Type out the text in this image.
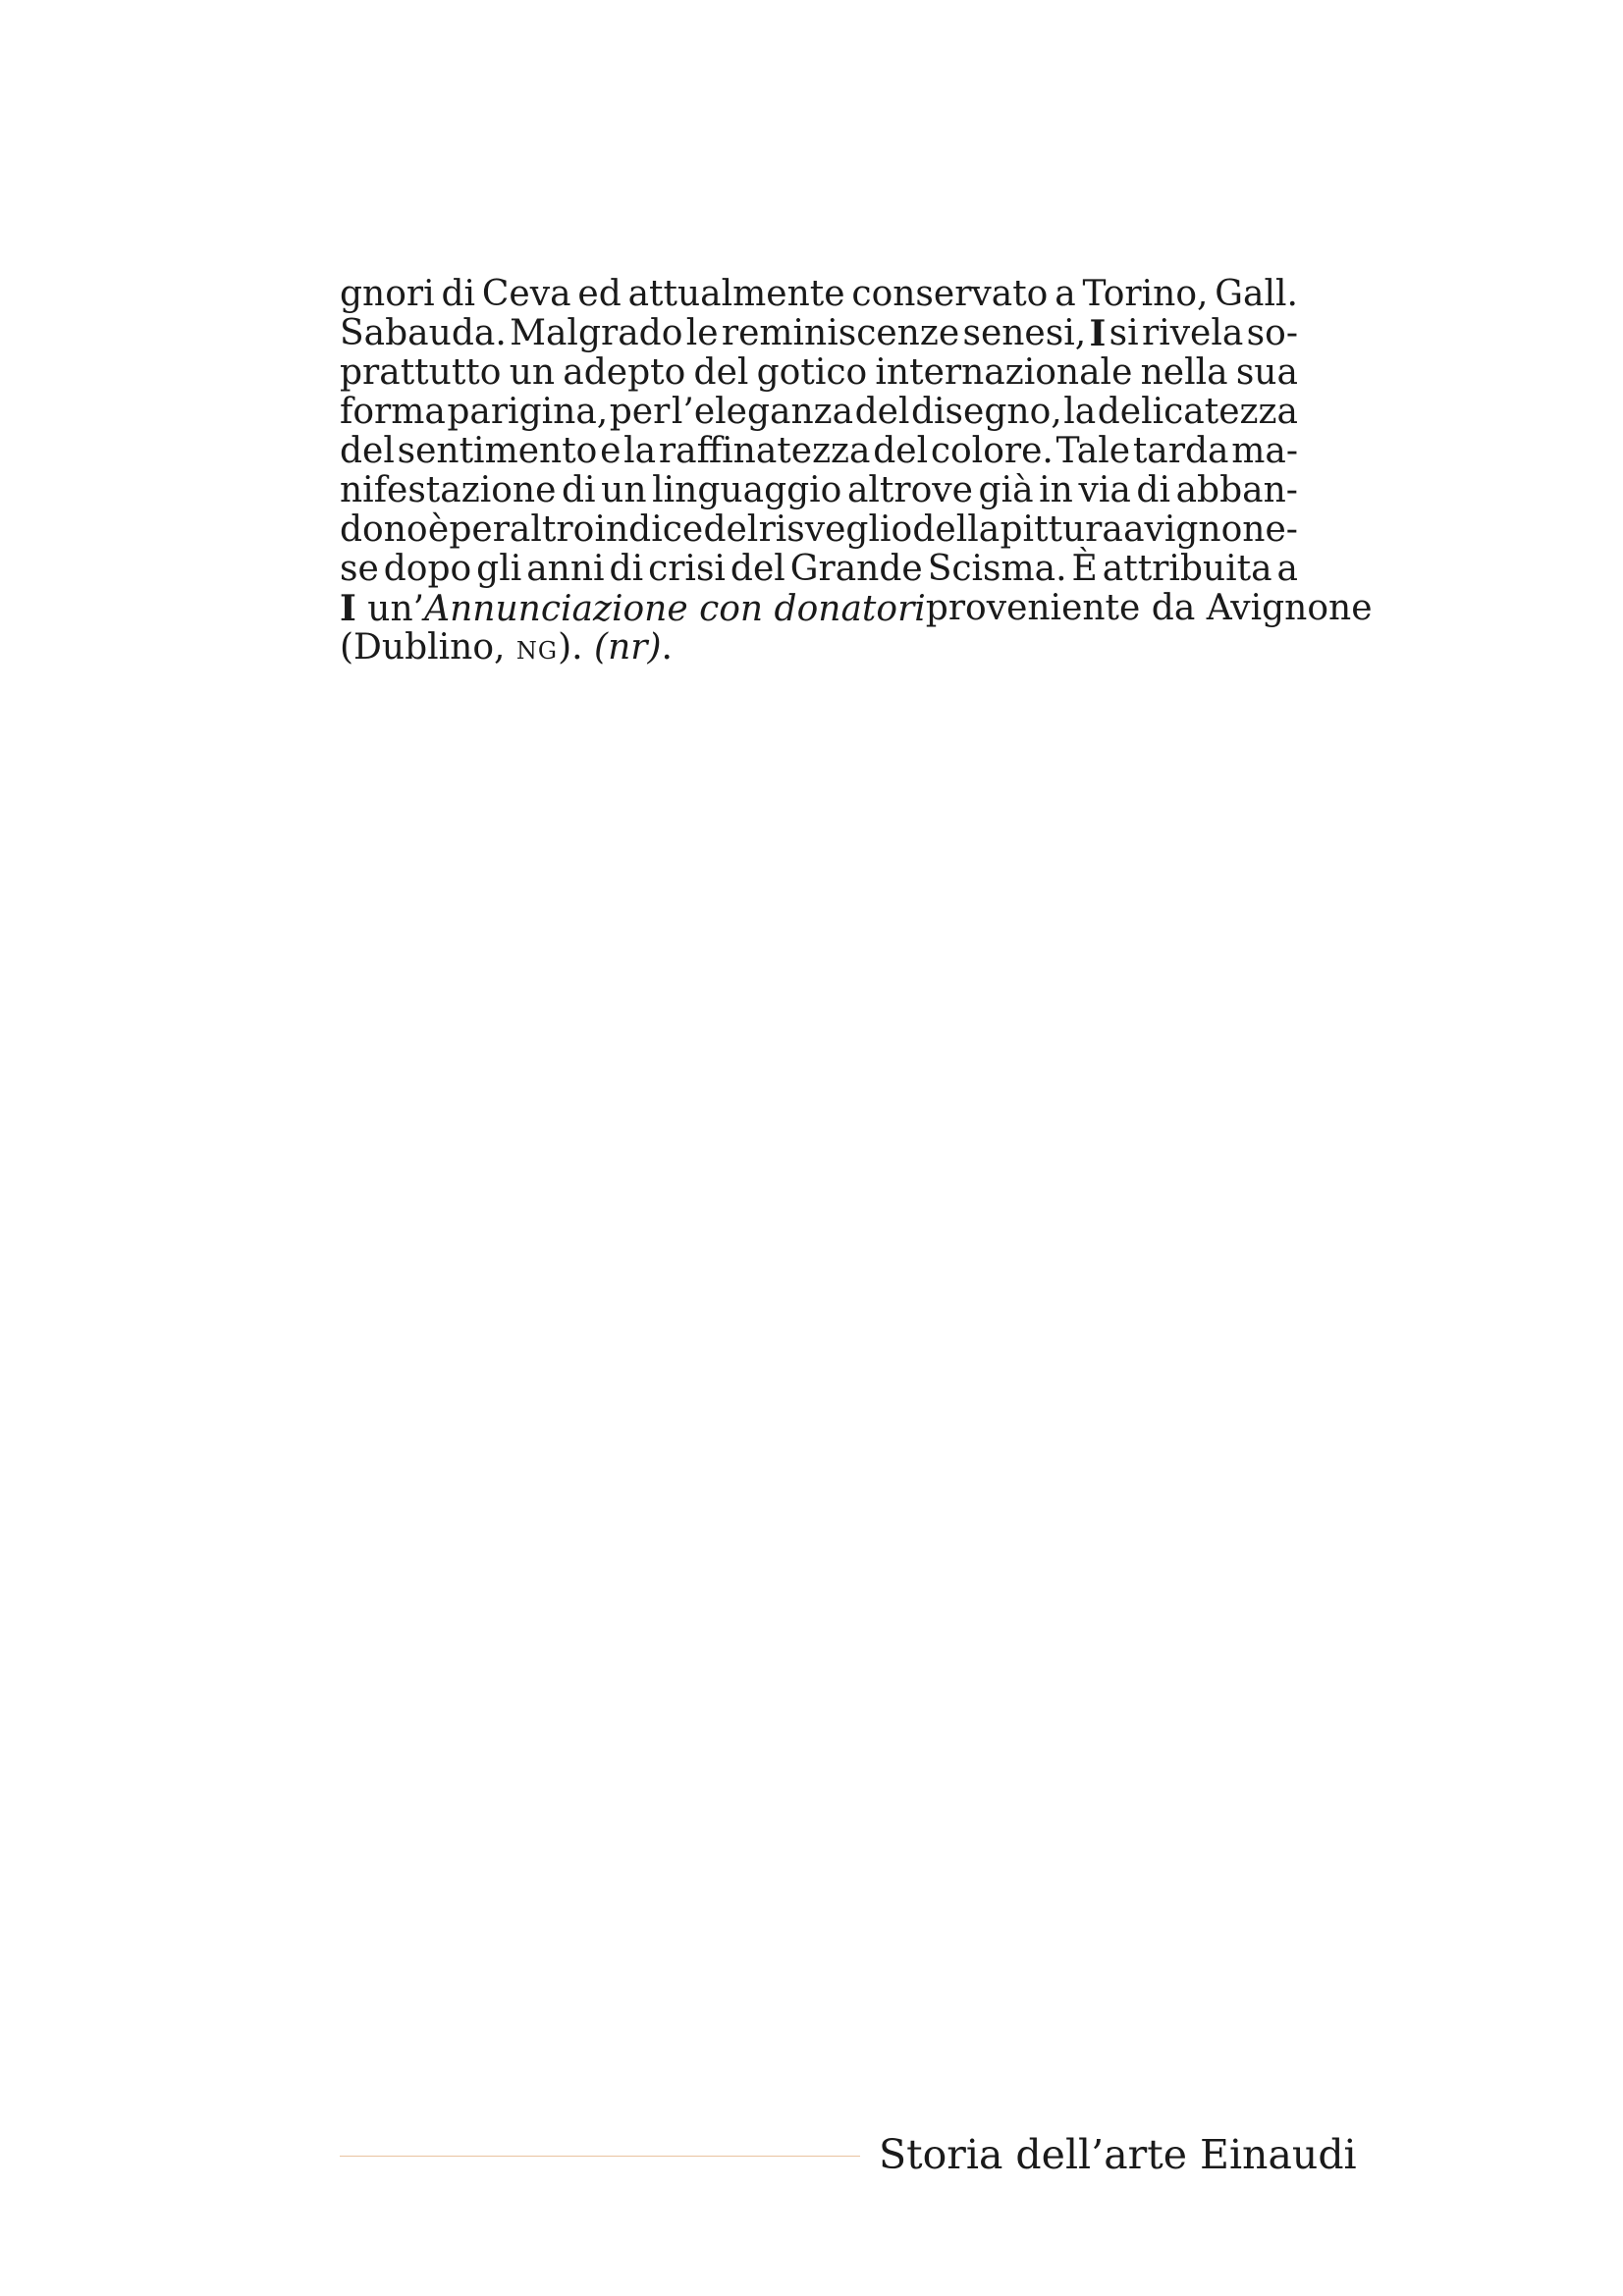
gnori di Ceva ed attualmente conservato a Torino, Gall.
Sabauda. Malgrado le reminiscenze senesi, I si rivela so-
prattutto un adepto del gotico internazionale nella sua
forma parigina, per l’eleganza del disegno, la delicatezza
del sentimento e la raffinatezza del colore. Tale tarda ma-
nifestazione di un linguaggio altrove già in via di abban-
dono è peraltro indice del risveglio della pittura avignone-
se dopo gli anni di crisi del Grande Scisma. È attribuita a
I un’Annunciazione con donatori proveniente da Avignone
(Dublino, NG). (nr).
Storia dell’arte Einaudi
